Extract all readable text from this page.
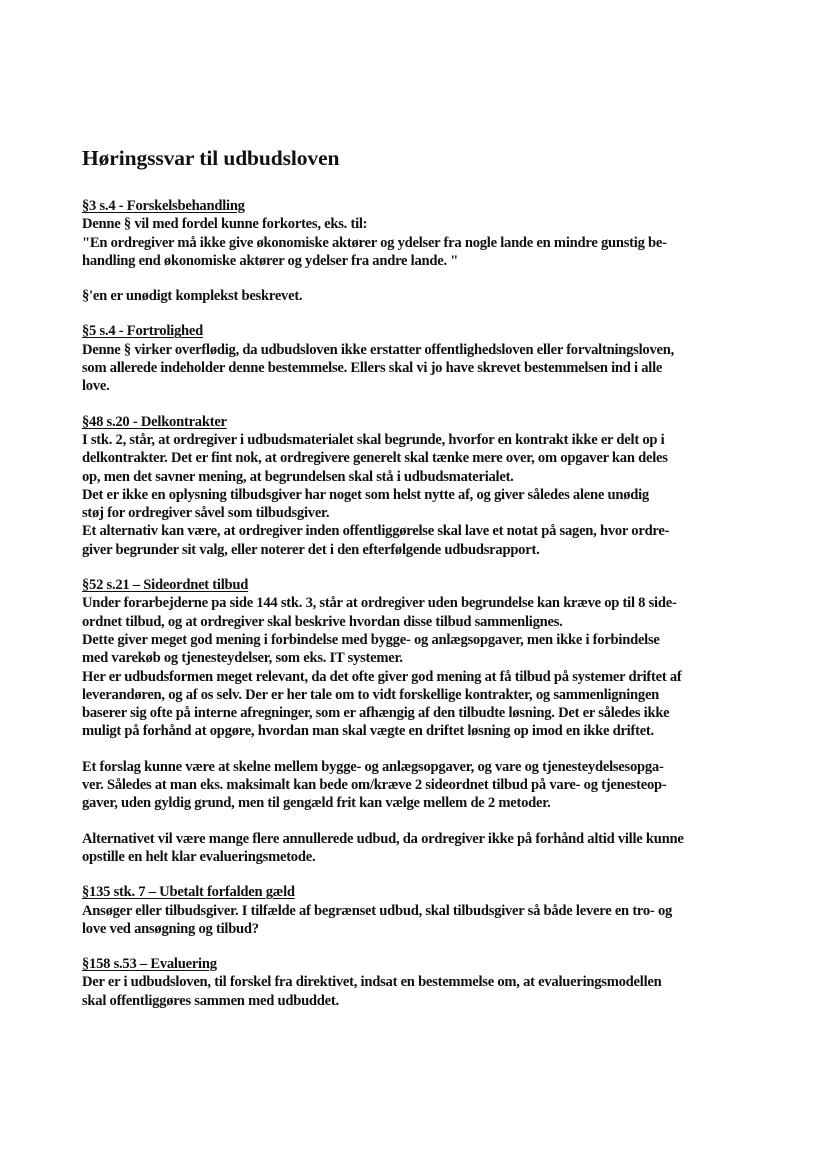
Høringssvar til udbudsloven
§3 s.4 - Forskelsbehandling
Denne § vil med fordel kunne forkortes, eks. til:
"En ordregiver må ikke give økonomiske aktører og ydelser fra nogle lande en mindre gunstig be-
handling end økonomiske aktører og ydelser fra andre lande. "
§'en er unødigt komplekst beskrevet.
§5 s.4 - Fortrolighed
Denne § virker overflødig, da udbudsloven ikke erstatter offentlighedsloven eller forvaltningsloven,
som allerede indeholder denne bestemmelse. Ellers skal vi jo have skrevet bestemmelsen ind i alle
love.
§48 s.20 - Delkontrakter
I stk. 2, står, at ordregiver i udbudsmaterialet skal begrunde, hvorfor en kontrakt ikke er delt op i
delkontrakter. Det er fint nok, at ordregivere generelt skal tænke mere over, om opgaver kan deles
op, men det savner mening, at begrundelsen skal stå i udbudsmaterialet.
Det er ikke en oplysning tilbudsgiver har noget som helst nytte af, og giver således alene unødig
støj for ordregiver såvel som tilbudsgiver.
Et alternativ kan være, at ordregiver inden offentliggørelse skal lave et notat på sagen, hvor ordre-
giver begrunder sit valg, eller noterer det i den efterfølgende udbudsrapport.
§52 s.21 – Sideordnet tilbud
Under forarbejderne pa side 144 stk. 3, står at ordregiver uden begrundelse kan kræve op til 8 side-
ordnet tilbud, og at ordregiver skal beskrive hvordan disse tilbud sammenlignes.
Dette giver meget god mening i forbindelse med bygge- og anlægsopgaver, men ikke i forbindelse
med varekøb og tjenesteydelser, som eks. IT systemer.
Her er udbudsformen meget relevant, da det ofte giver god mening at få tilbud på systemer driftet af
leverandøren, og af os selv. Der er her tale om to vidt forskellige kontrakter, og sammenligningen
baserer sig ofte på interne afregninger, som er afhængig af den tilbudte løsning. Det er således ikke
muligt på forhånd at opgøre, hvordan man skal vægte en driftet løsning op imod en ikke driftet.
Et forslag kunne være at skelne mellem bygge- og anlægsopgaver, og vare og tjenesteydelsesopga-
ver. Således at man eks. maksimalt kan bede om/kræve 2 sideordnet tilbud på vare- og tjenesteop-
gaver, uden gyldig grund, men til gengæld frit kan vælge mellem de 2 metoder.
Alternativet vil være mange flere annullerede udbud, da ordregiver ikke på forhånd altid ville kunne
opstille en helt klar evalueringsmetode.
§135 stk. 7 – Ubetalt forfalden gæld
Ansøger eller tilbudsgiver. I tilfælde af begrænset udbud, skal tilbudsgiver så både levere en tro- og
love ved ansøgning og tilbud?
§158 s.53 – Evaluering
Der er i udbudsloven, til forskel fra direktivet, indsat en bestemmelse om, at evalueringsmodellen
skal offentliggøres sammen med udbuddet.
